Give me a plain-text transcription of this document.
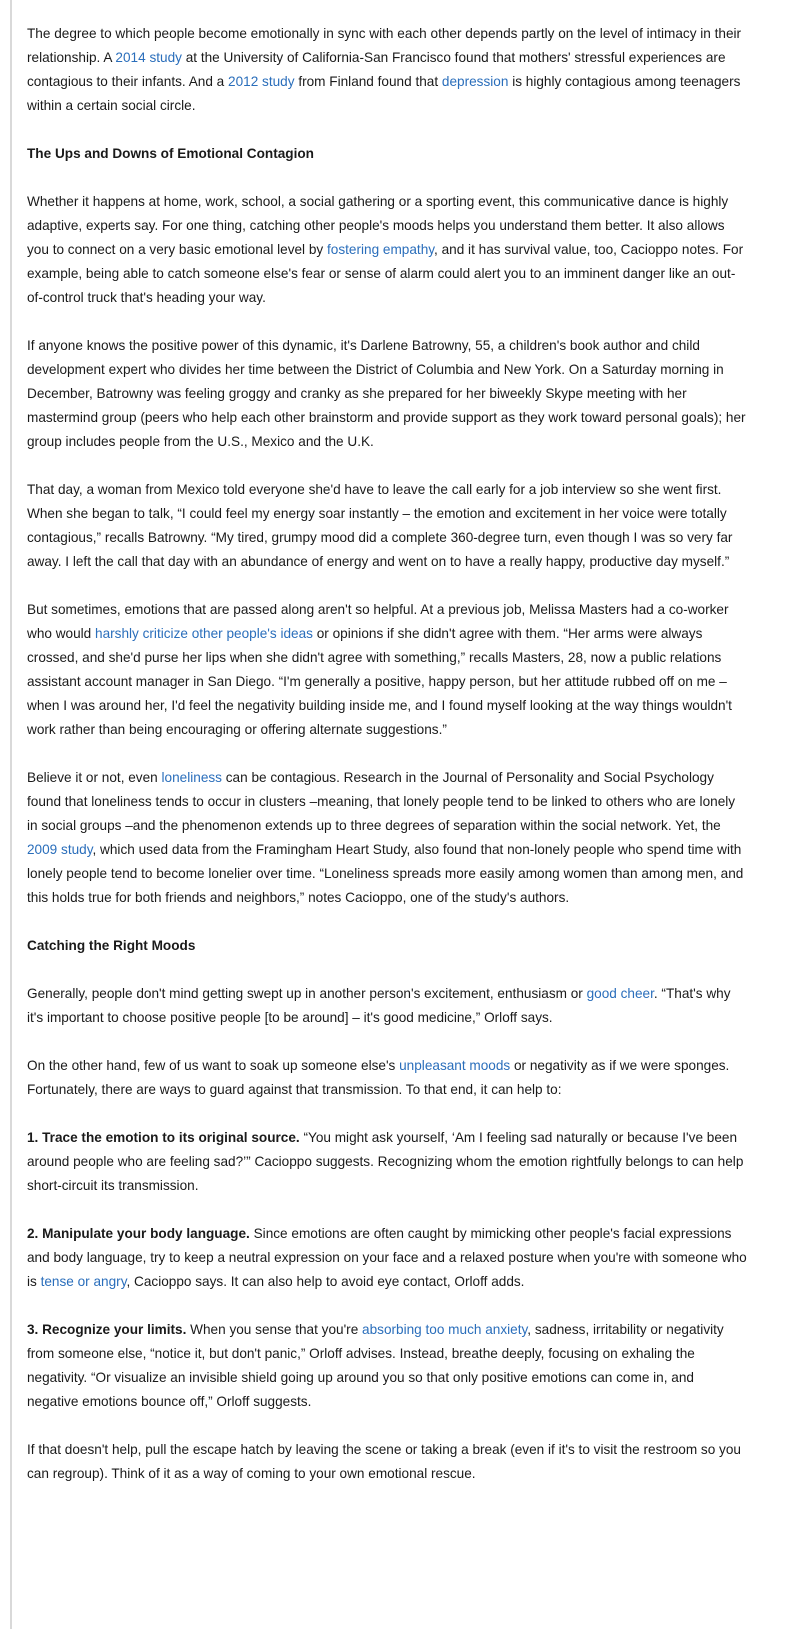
The degree to which people become emotionally in sync with each other depends partly on the level of intimacy in their relationship. A 2014 study at the University of California-San Francisco found that mothers' stressful experiences are contagious to their infants. And a 2012 study from Finland found that depression is highly contagious among teenagers within a certain social circle.

The Ups and Downs of Emotional Contagion

Whether it happens at home, work, school, a social gathering or a sporting event, this communicative dance is highly adaptive, experts say. For one thing, catching other people's moods helps you understand them better. It also allows you to connect on a very basic emotional level by fostering empathy, and it has survival value, too, Cacioppo notes. For example, being able to catch someone else's fear or sense of alarm could alert you to an imminent danger like an out-of-control truck that's heading your way.

If anyone knows the positive power of this dynamic, it's Darlene Batrowny, 55, a children's book author and child development expert who divides her time between the District of Columbia and New York. On a Saturday morning in December, Batrowny was feeling groggy and cranky as she prepared for her biweekly Skype meeting with her mastermind group (peers who help each other brainstorm and provide support as they work toward personal goals); her group includes people from the U.S., Mexico and the U.K.

That day, a woman from Mexico told everyone she'd have to leave the call early for a job interview so she went first. When she began to talk, “I could feel my energy soar instantly – the emotion and excitement in her voice were totally contagious,” recalls Batrowny. “My tired, grumpy mood did a complete 360-degree turn, even though I was so very far away. I left the call that day with an abundance of energy and went on to have a really happy, productive day myself.”

But sometimes, emotions that are passed along aren't so helpful. At a previous job, Melissa Masters had a co-worker who would harshly criticize other people's ideas or opinions if she didn't agree with them. “Her arms were always crossed, and she'd purse her lips when she didn't agree with something,” recalls Masters, 28, now a public relations assistant account manager in San Diego. “I'm generally a positive, happy person, but her attitude rubbed off on me – when I was around her, I'd feel the negativity building inside me, and I found myself looking at the way things wouldn't work rather than being encouraging or offering alternate suggestions.”

Believe it or not, even loneliness can be contagious. Research in the Journal of Personality and Social Psychology found that loneliness tends to occur in clusters –meaning, that lonely people tend to be linked to others who are lonely in social groups –and the phenomenon extends up to three degrees of separation within the social network. Yet, the 2009 study, which used data from the Framingham Heart Study, also found that non-lonely people who spend time with lonely people tend to become lonelier over time. “Loneliness spreads more easily among women than among men, and this holds true for both friends and neighbors,” notes Cacioppo, one of the study's authors.

Catching the Right Moods

Generally, people don't mind getting swept up in another person's excitement, enthusiasm or good cheer. “That's why it's important to choose positive people [to be around] – it's good medicine,” Orloff says.

On the other hand, few of us want to soak up someone else's unpleasant moods or negativity as if we were sponges. Fortunately, there are ways to guard against that transmission. To that end, it can help to:

1. Trace the emotion to its original source. “You might ask yourself, ‘Am I feeling sad naturally or because I've been around people who are feeling sad?’” Cacioppo suggests. Recognizing whom the emotion rightfully belongs to can help short-circuit its transmission.

2. Manipulate your body language. Since emotions are often caught by mimicking other people's facial expressions and body language, try to keep a neutral expression on your face and a relaxed posture when you're with someone who is tense or angry, Cacioppo says. It can also help to avoid eye contact, Orloff adds.

3. Recognize your limits. When you sense that you're absorbing too much anxiety, sadness, irritability or negativity from someone else, “notice it, but don't panic,” Orloff advises. Instead, breathe deeply, focusing on exhaling the negativity. “Or visualize an invisible shield going up around you so that only positive emotions can come in, and negative emotions bounce off,” Orloff suggests.

If that doesn't help, pull the escape hatch by leaving the scene or taking a break (even if it's to visit the restroom so you can regroup). Think of it as a way of coming to your own emotional rescue.
